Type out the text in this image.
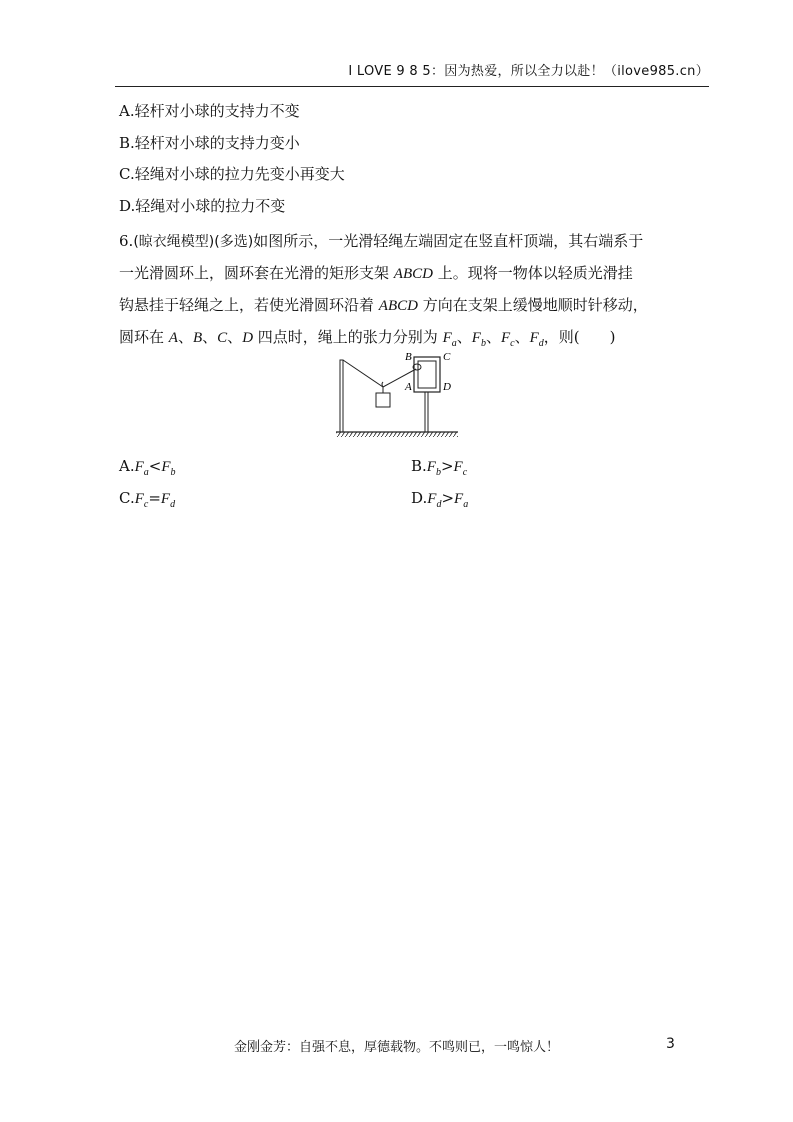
I LOVE 9 8 5：因为热爱，所以全力以赴！（ilove985.cn）
A.轻杆对小球的支持力不变
B.轻杆对小球的支持力变小
C.轻绳对小球的拉力先变小再变大
D.轻绳对小球的拉力不变

6.(晾衣绳模型)(多选)如图所示，一光滑轻绳左端固定在竖直杆顶端，其右端系于

一光滑圆环上，圆环套在光滑的矩形支架 ABCD 上。现将一物体以轻质光滑挂

钩悬挂于轻绳之上，若使光滑圆环沿着 ABCD 方向在支架上缓慢地顺时针移动，

圆环在 A、B、C、D 四点时，绳上的张力分别为 $F_a$、$F_b$、$F_c$、$F_d$，则(　　)

B	C
A	D
$A.F_a<F_b$	$B.F_b>F_c$
$C.F_c=F_d$	$D.F_d>F_a$
金刚金芳：自强不息，厚德载物。不鸣则已，一鸣惊人！	3
